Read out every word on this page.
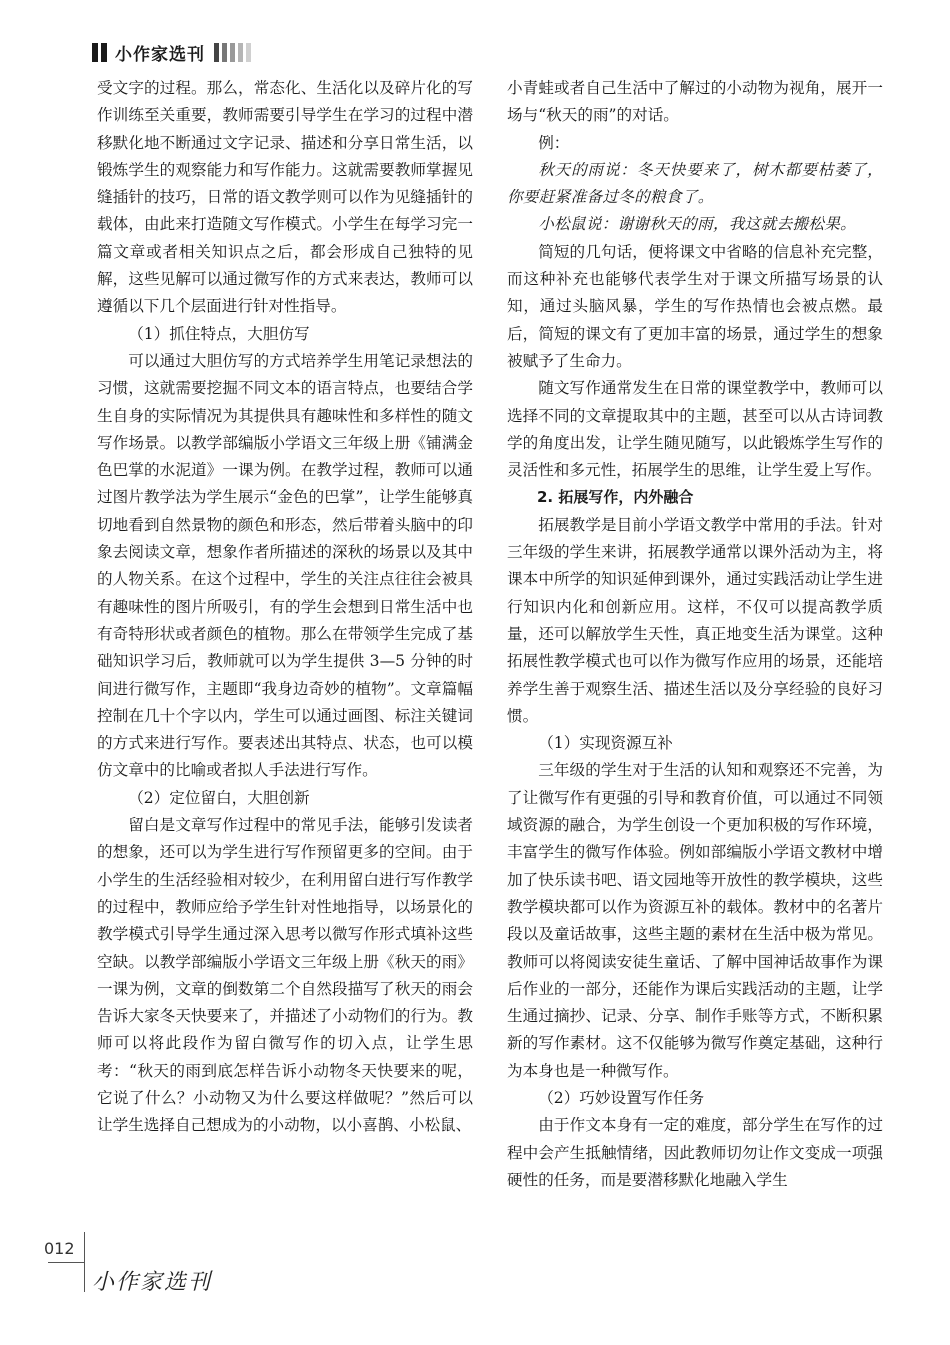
小作家选刊

受文字的过程。那么，常态化、生活化以及碎片化的写作训练至关重要，教师需要引导学生在学习的过程中潜移默化地不断通过文字记录、描述和分享日常生活，以锻炼学生的观察能力和写作能力。这就需要教师掌握见缝插针的技巧，日常的语文教学则可以作为见缝插针的载体，由此来打造随文写作模式。小学生在每学习完一篇文章或者相关知识点之后，都会形成自己独特的见解，这些见解可以通过微写作的方式来表达，教师可以遵循以下几个层面进行针对性指导。

（1）抓住特点，大胆仿写

可以通过大胆仿写的方式培养学生用笔记录想法的习惯，这就需要挖掘不同文本的语言特点，也要结合学生自身的实际情况为其提供具有趣味性和多样性的随文写作场景。以教学部编版小学语文三年级上册《铺满金色巴掌的水泥道》一课为例。在教学过程，教师可以通过图片教学法为学生展示“金色的巴掌”，让学生能够真切地看到自然景物的颜色和形态，然后带着头脑中的印象去阅读文章，想象作者所描述的深秋的场景以及其中的人物关系。在这个过程中，学生的关注点往往会被具有趣味性的图片所吸引，有的学生会想到日常生活中也有奇特形状或者颜色的植物。那么在带领学生完成了基础知识学习后，教师就可以为学生提供 3—5 分钟的时间进行微写作，主题即“我身边奇妙的植物”。文章篇幅控制在几十个字以内，学生可以通过画图、标注关键词的方式来进行写作。要表述出其特点、状态，也可以模仿文章中的比喻或者拟人手法进行写作。

（2）定位留白，大胆创新

留白是文章写作过程中的常见手法，能够引发读者的想象，还可以为学生进行写作预留更多的空间。由于小学生的生活经验相对较少，在利用留白进行写作教学的过程中，教师应给予学生针对性地指导，以场景化的教学模式引导学生通过深入思考以微写作形式填补这些空缺。以教学部编版小学语文三年级上册《秋天的雨》一课为例，文章的倒数第二个自然段描写了秋天的雨会告诉大家冬天快要来了，并描述了小动物们的行为。教师可以将此段作为留白微写作的切入点，让学生思考：“秋天的雨到底怎样告诉小动物冬天快要来的呢，它说了什么？小动物又为什么要这样做呢？”然后可以让学生选择自己想成为的小动物，以小喜鹊、小松鼠、

小青蛙或者自己生活中了解过的小动物为视角，展开一场与“秋天的雨”的对话。

例：

秋天的雨说：冬天快要来了，树木都要枯萎了，你要赶紧准备过冬的粮食了。

小松鼠说：谢谢秋天的雨，我这就去搬松果。

简短的几句话，便将课文中省略的信息补充完整，而这种补充也能够代表学生对于课文所描写场景的认知，通过头脑风暴，学生的写作热情也会被点燃。最后，简短的课文有了更加丰富的场景，通过学生的想象被赋予了生命力。

随文写作通常发生在日常的课堂教学中，教师可以选择不同的文章提取其中的主题，甚至可以从古诗词教学的角度出发，让学生随见随写，以此锻炼学生写作的灵活性和多元性，拓展学生的思维，让学生爱上写作。

2. 拓展写作，内外融合

拓展教学是目前小学语文教学中常用的手法。针对三年级的学生来讲，拓展教学通常以课外活动为主，将课本中所学的知识延伸到课外，通过实践活动让学生进行知识内化和创新应用。这样，不仅可以提高教学质量，还可以解放学生天性，真正地变生活为课堂。这种拓展性教学模式也可以作为微写作应用的场景，还能培养学生善于观察生活、描述生活以及分享经验的良好习惯。

（1）实现资源互补

三年级的学生对于生活的认知和观察还不完善，为了让微写作有更强的引导和教育价值，可以通过不同领域资源的融合，为学生创设一个更加积极的写作环境，丰富学生的微写作体验。例如部编版小学语文教材中增加了快乐读书吧、语文园地等开放性的教学模块，这些教学模块都可以作为资源互补的载体。教材中的名著片段以及童话故事，这些主题的素材在生活中极为常见。教师可以将阅读安徒生童话、了解中国神话故事作为课后作业的一部分，还能作为课后实践活动的主题，让学生通过摘抄、记录、分享、制作手账等方式，不断积累新的写作素材。这不仅能够为微写作奠定基础，这种行为本身也是一种微写作。

（2）巧妙设置写作任务

由于作文本身有一定的难度，部分学生在写作的过程中会产生抵触情绪，因此教师切勿让作文变成一项强硬性的任务，而是要潜移默化地融入学生

012
小作家选刊
